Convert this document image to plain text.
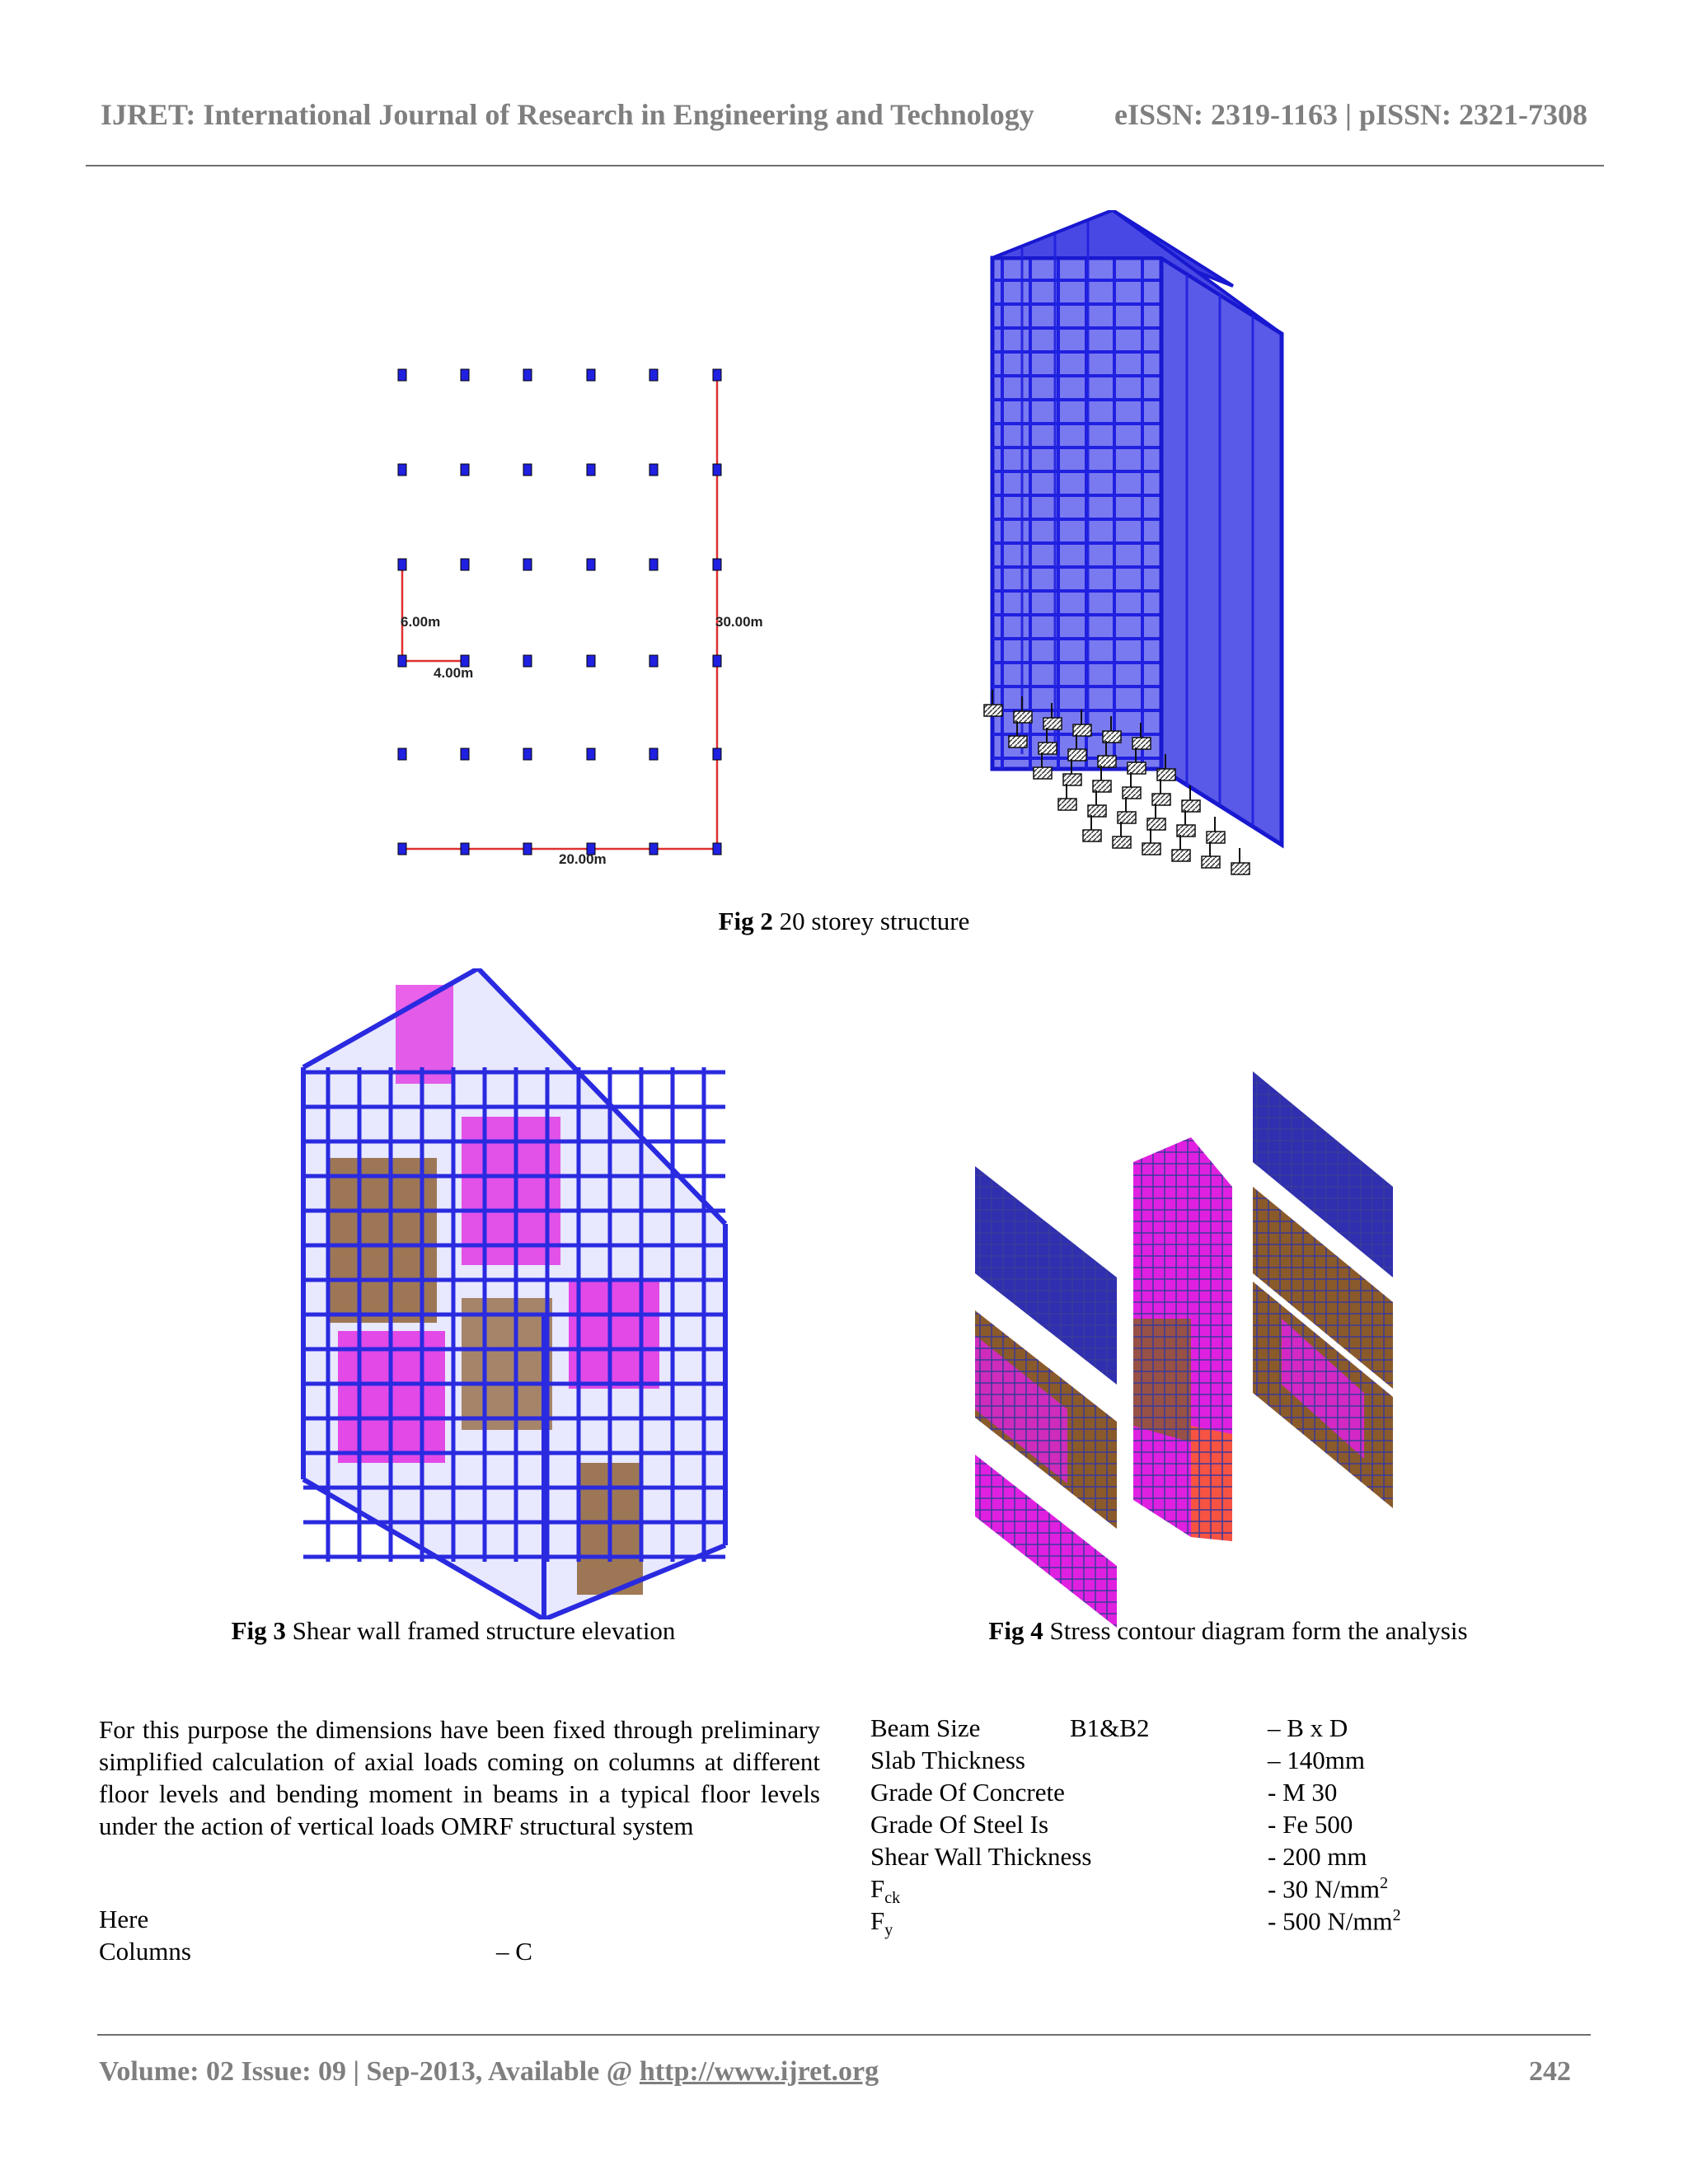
IJRET: International Journal of Research in Engineering and Technology	eISSN: 2319-1163 | pISSN: 2321-7308
6.00m
4.00m
30.00m
20.00m
Fig 2 20 storey structure
Fig 3 Shear wall framed structure elevation	Fig 4 Stress contour diagram form the analysis
For this purpose the dimensions have been fixed through preliminary simplified calculation of axial loads coming on columns at different floor levels and bending moment in beams in a typical floor levels under the action of vertical loads OMRF structural system
Here
Columns	– C
Beam Size	B1&B2	– B x D
Slab Thickness	– 140mm
Grade Of Concrete	- M 30
Grade Of Steel Is	- Fe 500
Shear Wall Thickness	- 200 mm
$F_{ck}$	- 30 $N/mm^2$
$F_y$	- 500 $N/mm^2$
Volume: 02 Issue: 09 | Sep-2013, Available @ http://www.ijret.org	242
